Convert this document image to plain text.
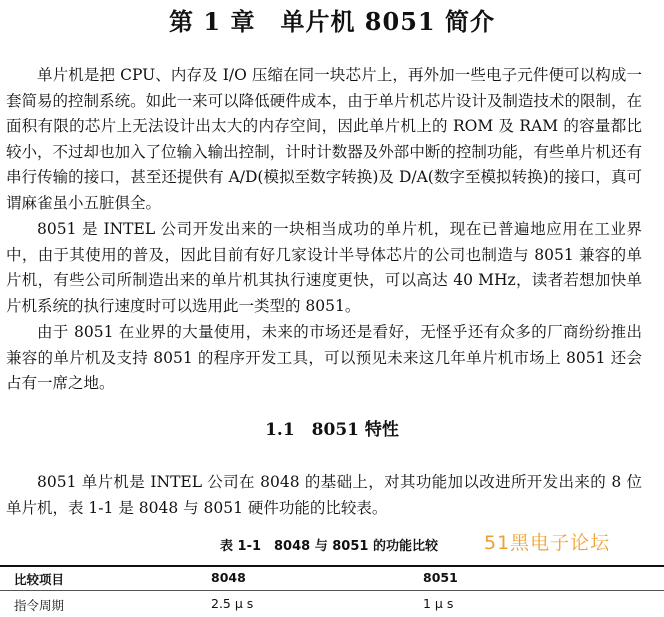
第 1 章　单片机 8051 简介

单片机是把 CPU、内存及 I/O 压缩在同一块芯片上，再外加一些电子元件便可以构成一套简易的控制系统。如此一来可以降低硬件成本，由于单片机芯片设计及制造技术的限制，在面积有限的芯片上无法设计出太大的内存空间，因此单片机上的 ROM 及 RAM 的容量都比较小，不过却也加入了位输入输出控制，计时计数器及外部中断的控制功能，有些单片机还有串行传输的接口，甚至还提供有 A/D(模拟至数字转换)及 D/A(数字至模拟转换)的接口，真可谓麻雀虽小五脏俱全。

8051 是 INTEL 公司开发出来的一块相当成功的单片机，现在已普遍地应用在工业界中，由于其使用的普及，因此目前有好几家设计半导体芯片的公司也制造与 8051 兼容的单片机，有些公司所制造出来的单片机其执行速度更快，可以高达 40 MHz，读者若想加快单片机系统的执行速度时可以选用此一类型的 8051。

由于 8051 在业界的大量使用，未来的市场还是看好，无怪乎还有众多的厂商纷纷推出兼容的单片机及支持 8051 的程序开发工具，可以预见未来这几年单片机市场上 8051 还会占有一席之地。

1.1　8051 特性

8051 单片机是 INTEL 公司在 8048 的基础上，对其功能加以改进所开发出来的 8 位单片机，表 1-1 是 8048 与 8051 硬件功能的比较表。

表 1-1　8048 与 8051 的功能比较 51黑电子论坛
比较项目	8048	8051
指令周期	2.5 μ s	1 μ s
